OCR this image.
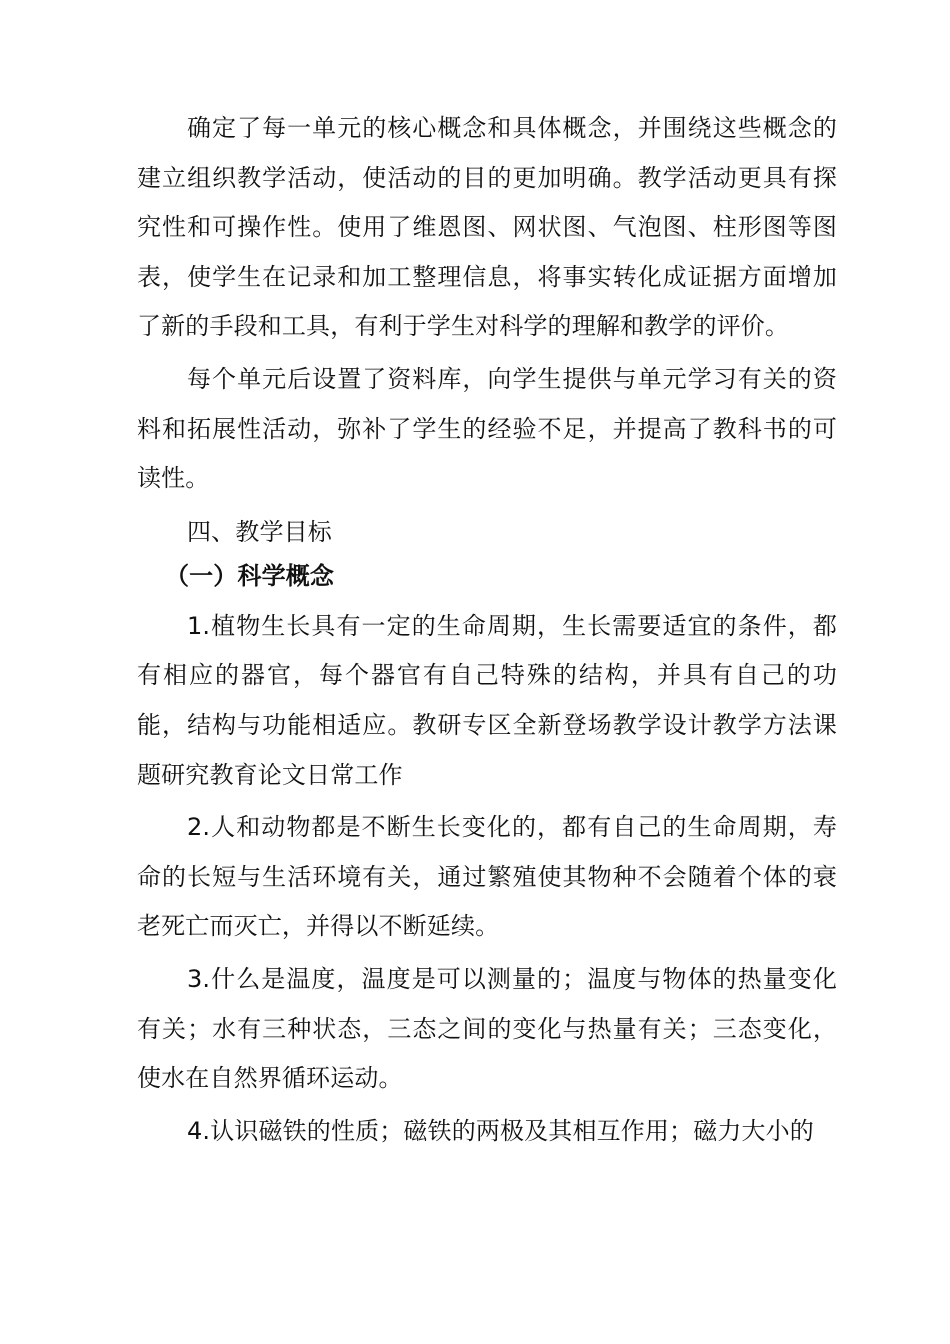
确定了每一单元的核心概念和具体概念，并围绕这些概念的建立组织教学活动，使活动的目的更加明确。教学活动更具有探究性和可操作性。使用了维恩图、网状图、气泡图、柱形图等图表，使学生在记录和加工整理信息，将事实转化成证据方面增加了新的手段和工具，有利于学生对科学的理解和教学的评价。

每个单元后设置了资料库，向学生提供与单元学习有关的资料和拓展性活动，弥补了学生的经验不足，并提高了教科书的可读性。

四、教学目标

（一）科学概念

1.植物生长具有一定的生命周期，生长需要适宜的条件，都有相应的器官，每个器官有自己特殊的结构，并具有自己的功能，结构与功能相适应。教研专区全新登场教学设计教学方法课题研究教育论文日常工作

2.人和动物都是不断生长变化的，都有自己的生命周期，寿命的长短与生活环境有关，通过繁殖使其物种不会随着个体的衰老死亡而灭亡，并得以不断延续。

3.什么是温度，温度是可以测量的；温度与物体的热量变化有关；水有三种状态，三态之间的变化与热量有关；三态变化，使水在自然界循环运动。

4.认识磁铁的性质；磁铁的两极及其相互作用；磁力大小的
